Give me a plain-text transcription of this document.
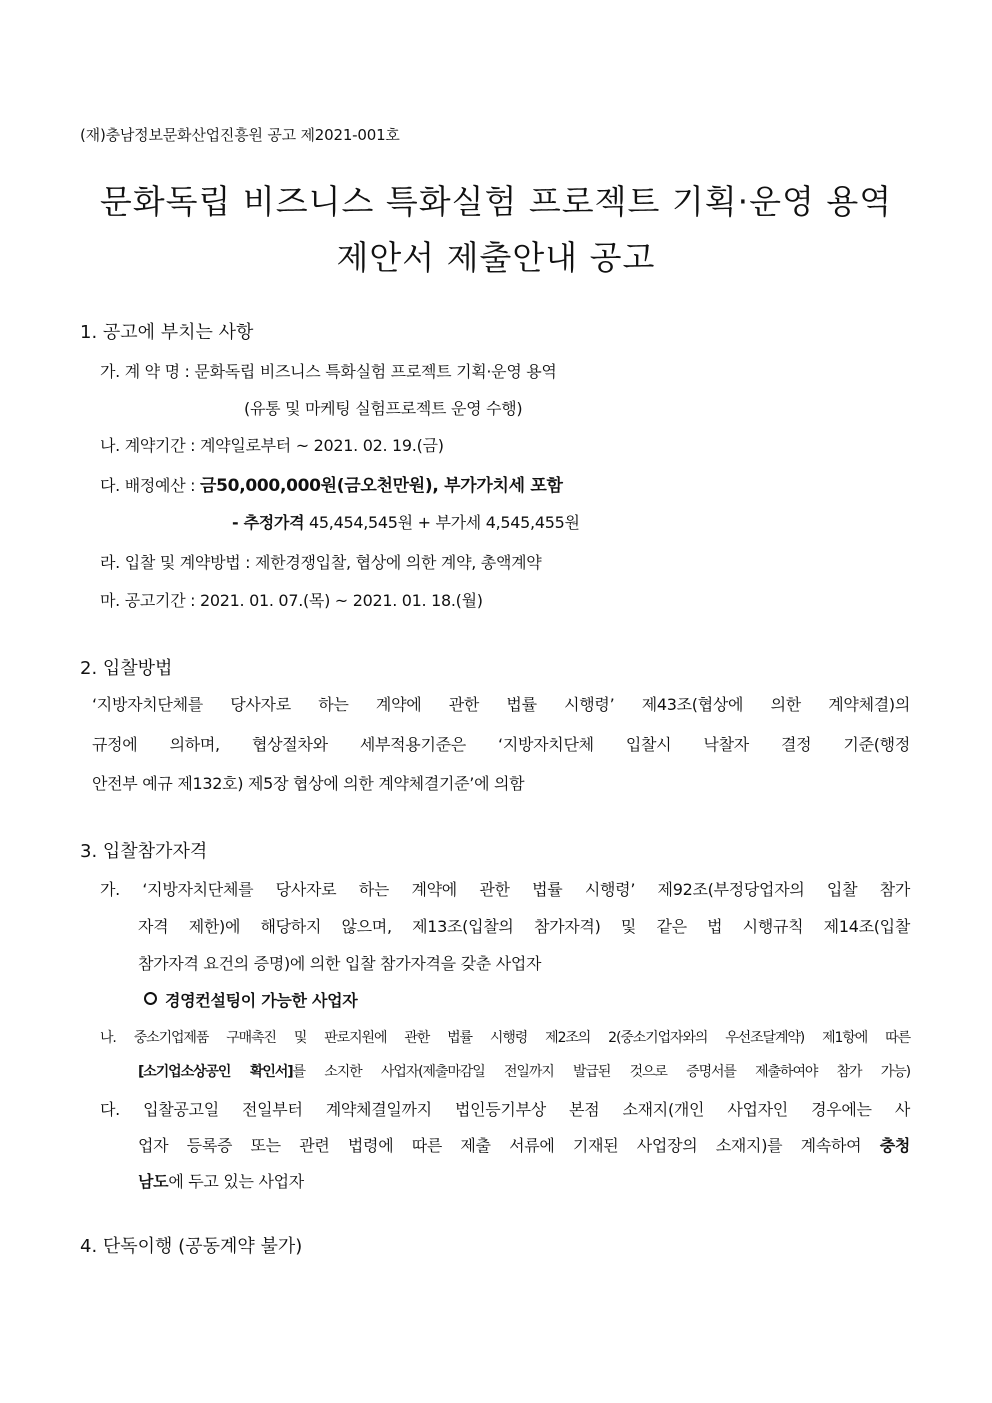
(재)충남정보문화산업진흥원 공고 제2021-001호
문화독립 비즈니스 특화실험 프로젝트 기획·운영 용역
제안서 제출안내 공고
1. 공고에 부치는 사항
가. 계 약 명 : 문화독립 비즈니스 특화실험 프로젝트 기획·운영 용역
(유통 및 마케팅 실험프로젝트 운영 수행)
나. 계약기간 : 계약일로부터 ~ 2021. 02. 19.(금)
다. 배정예산 : 금50,000,000원(금오천만원), 부가가치세 포함
- 추정가격 45,454,545원 + 부가세 4,545,455원
라. 입찰 및 계약방법 : 제한경쟁입찰, 협상에 의한 계약, 총액계약
마. 공고기간 : 2021. 01. 07.(목) ~ 2021. 01. 18.(월)
2. 입찰방법
‘지방자치단체를 당사자로 하는 계약에 관한 법률 시행령’ 제43조(협상에 의한 계약체결)의
규정에 의하며, 협상절차와 세부적용기준은 ‘지방자치단체 입찰시 낙찰자 결정 기준(행정
안전부 예규 제132호) 제5장 협상에 의한 계약체결기준’에 의함
3. 입찰참가자격
가. ‘지방자치단체를 당사자로 하는 계약에 관한 법률 시행령’ 제92조(부정당업자의 입찰 참가
자격 제한)에 해당하지 않으며, 제13조(입찰의 참가자격) 및 같은 법 시행규칙 제14조(입찰
참가자격 요건의 증명)에 의한 입찰 참가자격을 갖춘 사업자
경영컨설팅이 가능한 사업자
나. 중소기업제품 구매촉진 및 판로지원에 관한 법률 시행령 제2조의 2(중소기업자와의 우선조달계약) 제1항에 따른
[소기업소상공인 확인서]를 소지한 사업자(제출마감일 전일까지 발급된 것으로 증명서를 제출하여야 참가 가능)
다. 입찰공고일 전일부터 계약체결일까지 법인등기부상 본점 소재지(개인 사업자인 경우에는 사
업자 등록증 또는 관련 법령에 따른 제출 서류에 기재된 사업장의 소재지)를 계속하여 충청
남도에 두고 있는 사업자
4. 단독이행 (공동계약 불가)
